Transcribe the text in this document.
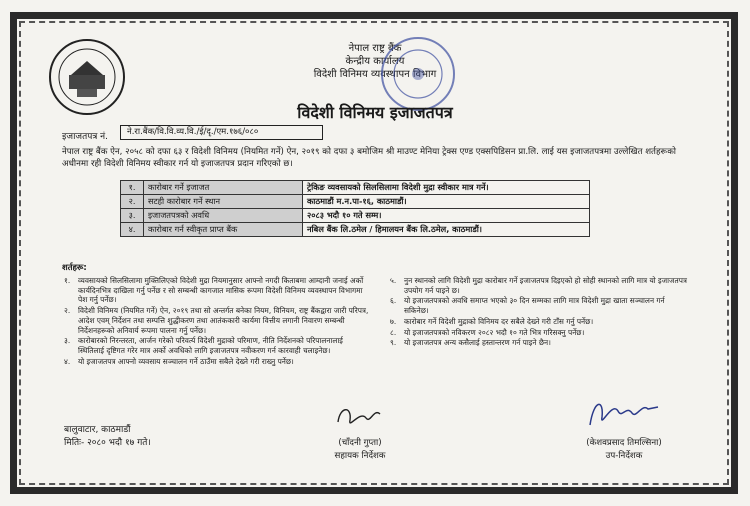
नेपाल राष्ट्र बैंक
केन्द्रीय कार्यालय
विदेशी विनिमय व्यवस्थापन विभाग
विदेशी विनिमय इजाजतपत्र
इजाजतपत्र नं.	ने.रा.बैंक/वि.वि.व्य.वि./ई/दृ./एम.१७६/०८०
नेपाल राष्ट्र बैंक ऐन, २०५८ को दफा ६३ र विदेशी विनिमय (नियमित गर्ने) ऐन, २०१९ को दफा ३ बमोजिम श्री माउण्ट मेनिया ट्रेक्स एण्ड एक्सपिडिसन प्रा.लि. लाई यस इजाजतपत्रमा उल्लेखित शर्तहरूको अधीनमा रही विदेशी विनिमय स्वीकार गर्न यो इजाजतपत्र प्रदान गरिएको छ।
१.	कारोबार गर्ने इजाजत	ट्रेकिङ व्यवसायको सिलसिलामा विदेशी मुद्रा स्वीकार मात्र गर्ने।
२.	सटही कारोबार गर्ने स्थान	काठमाडौं म.न.पा-१६, काठमाडौं।
३.	इजाजतपत्रको अवधि	२०८३ भदौ १० गते सम्म।
४.	कारोबार गर्न स्वीकृत प्राप्त बैंक	नबिल बैंक लि.ठमेल / हिमालयन बैंक लि.ठमेल, काठमाडौं।
शर्तहरू:
१.	व्यवसायको सिलसिलामा मुक्तिलिएको विदेशी मुद्रा नियमानुसार आफ्नो नगदी किताबमा आम्दानी जनाई अर्को कार्यदिनभित्र दाखिला गर्नु पर्नेछ र सो सम्बन्धी कागजात मासिक रूपमा विदेशी विनिमय व्यवस्थापन विभागमा पेश गर्नु पर्नेछ।
२.	विदेशी विनिमय (नियमित गर्ने) ऐन, २०१९ तथा सो अन्तर्गत बनेका नियम, विनियम, राष्ट्र बैंकद्वारा जारी परिपत्र, आदेश एवम् निर्देशन तथा सम्पत्ति शुद्धीकरण तथा आतंककारी कार्यमा वित्तीय लगानी निवारण सम्बन्धी निर्देशनहरूको अनिवार्य रूपमा पालना गर्नु पर्नेछ।
३.	कारोबारको निरन्तरता, आर्जन गरेको परिवर्त्य विदेशी मुद्राको परिमाण, नीति निर्देशनको परिपालनालाई स्थितिलाई दृष्टिगत गरेर मात्र अर्को अवधिको लागि इजाजतपत्र नवीकरण गर्न कारवाही चलाइनेछ।
४.	यो इजाजतपत्र आफ्नो व्यवसाय सञ्चालन गर्ने ठाउँमा सबैले देख्ने गरी राख्नु पर्नेछ।
५.	नुन स्थानको लागि विदेशी मुद्रा कारोबार गर्ने इजाजतपत्र दिइएको हो सोही स्थानको लागि मात्र यो इजाजतपत्र उपयोग गर्न पाइने छ।
६.	यो इजाजतपत्रको अवधि समाप्त भएको ३० दिन सम्मका लागि मात्र विदेशी मुद्रा खाता सञ्चालन गर्न सकिनेछ।
७.	कारोबार गर्ने विदेशी मुद्राको विनिमय दर सबैले देख्ने गरी टाँस गर्नु पर्नेछ।
८.	यो इजाजतपत्रको नविकरण २०८२ भदौ १० गते भित्र गरिसक्नु पर्नेछ।
९.	यो इजाजतपत्र अन्य कसैलाई हस्तान्तरण गर्न पाइने छैन।
बालुवाटार, काठमाडौं
मितिः- २०८० भदौ १७ गते।	(चाँदनी गुप्ता)
सहायक निर्देशक
(केशवप्रसाद तिमल्सिना)
उप-निर्देशक
